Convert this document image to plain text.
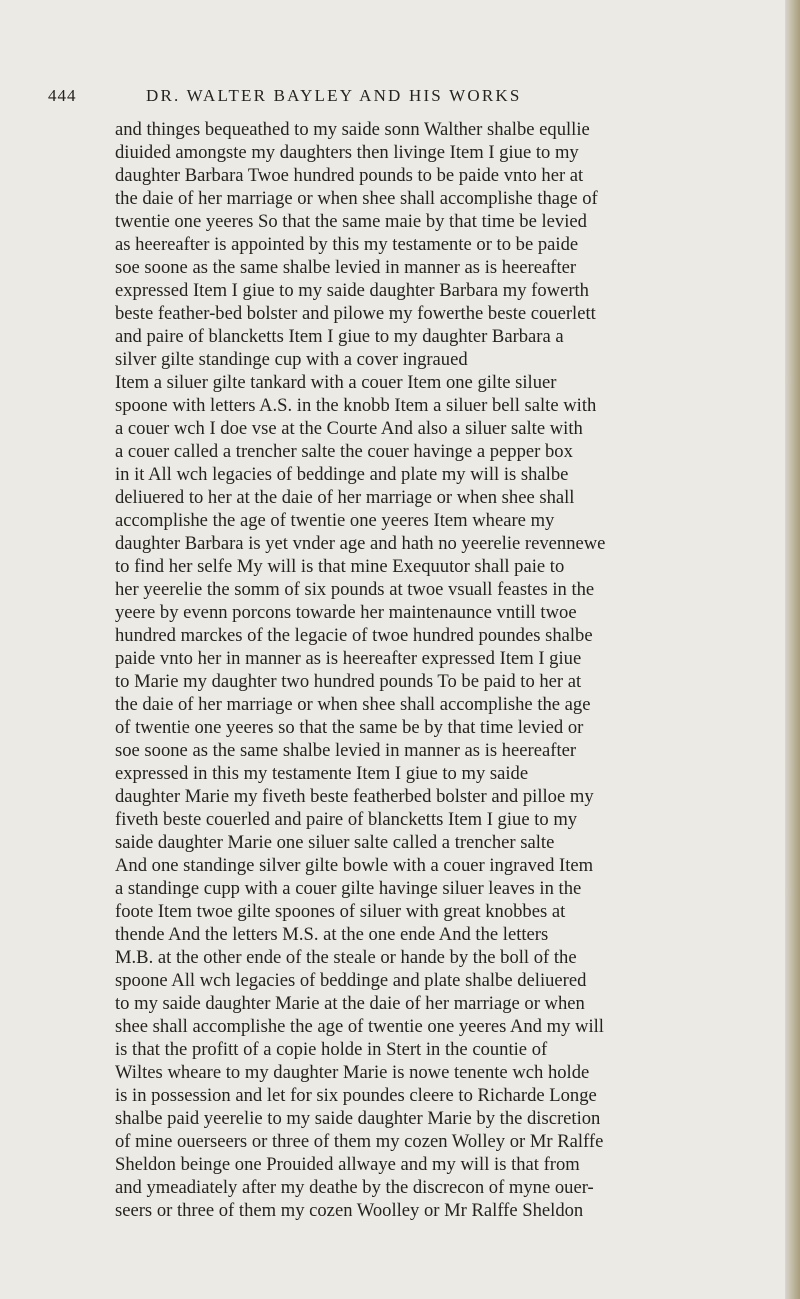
444	DR. WALTER BAYLEY AND HIS WORKS
and thinges bequeathed to my saide sonn Walther shalbe equllie
diuided amongste my daughters then livinge Item I giue to my
daughter Barbara Twoe hundred pounds to be paide vnto her at
the daie of her marriage or when shee shall accomplishe thage of
twentie one yeeres So that the same maie by that time be levied
as heereafter is appointed by this my testamente or to be paide
soe soone as the same shalbe levied in manner as is heereafter
expressed Item I giue to my saide daughter Barbara my fowerth
beste feather-bed bolster and pilowe my fowerthe beste couerlett
and paire of blancketts Item I giue to my daughter Barbara a
silver gilte standinge cup with a cover ingraued
Item a siluer gilte tankard with a couer Item one gilte siluer
spoone with letters A.S. in the knobb Item a siluer bell salte with
a couer wch I doe vse at the Courte And also a siluer salte with
a couer called a trencher salte the couer havinge a pepper box
in it All wch legacies of beddinge and plate my will is shalbe
deliuered to her at the daie of her marriage or when shee shall
accomplishe the age of twentie one yeeres Item wheare my
daughter Barbara is yet vnder age and hath no yeerelie revennewe
to find her selfe My will is that mine Exequutor shall paie to
her yeerelie the somm of six pounds at twoe vsuall feastes in the
yeere by evenn porcons towarde her maintenaunce vntill twoe
hundred marckes of the legacie of twoe hundred poundes shalbe
paide vnto her in manner as is heereafter expressed Item I giue
to Marie my daughter two hundred pounds To be paid to her at
the daie of her marriage or when shee shall accomplishe the age
of twentie one yeeres so that the same be by that time levied or
soe soone as the same shalbe levied in manner as is heereafter
expressed in this my testamente Item I giue to my saide
daughter Marie my fiveth beste featherbed bolster and pilloe my
fiveth beste couerled and paire of blancketts Item I giue to my
saide daughter Marie one siluer salte called a trencher salte
And one standinge silver gilte bowle with a couer ingraved Item
a standinge cupp with a couer gilte havinge siluer leaves in the
foote Item twoe gilte spoones of siluer with great knobbes at
thende And the letters M.S. at the one ende And the letters
M.B. at the other ende of the steale or hande by the boll of the
spoone All wch legacies of beddinge and plate shalbe deliuered
to my saide daughter Marie at the daie of her marriage or when
shee shall accomplishe the age of twentie one yeeres And my will
is that the profitt of a copie holde in Stert in the countie of
Wiltes wheare to my daughter Marie is nowe tenente wch holde
is in possession and let for six poundes cleere to Richarde Longe
shalbe paid yeerelie to my saide daughter Marie by the discretion
of mine ouerseers or three of them my cozen Wolley or Mr Ralffe
Sheldon beinge one Prouided allwaye and my will is that from
and ymeadiately after my deathe by the discrecon of myne ouer-
seers or three of them my cozen Woolley or Mr Ralffe Sheldon
